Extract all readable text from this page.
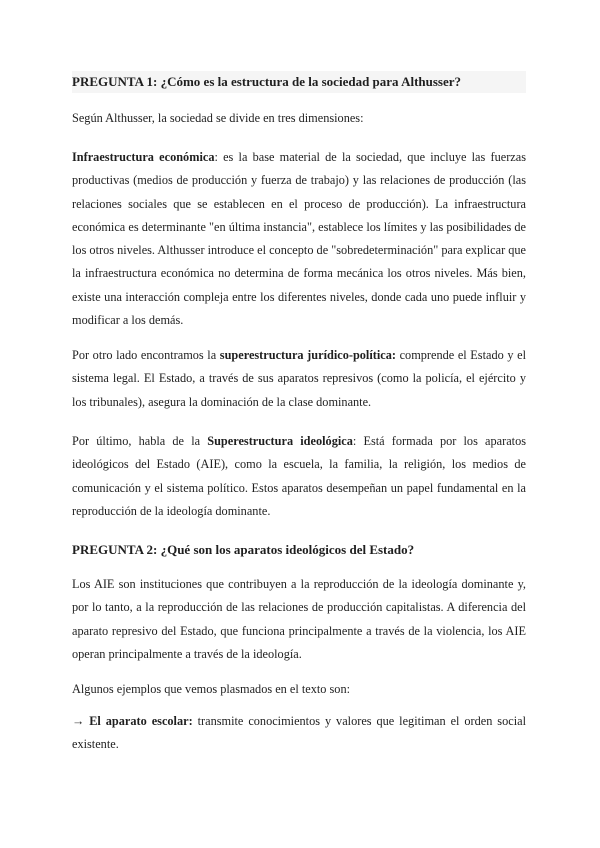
PREGUNTA 1: ¿Cómo es la estructura de la sociedad para Althusser?

Según Althusser, la sociedad se divide en tres dimensiones:

Infraestructura económica: es la base material de la sociedad, que incluye las fuerzas productivas (medios de producción y fuerza de trabajo) y las relaciones de producción (las relaciones sociales que se establecen en el proceso de producción). La infraestructura económica es determinante "en última instancia", establece los límites y las posibilidades de los otros niveles. Althusser introduce el concepto de "sobredeterminación" para explicar que la infraestructura económica no determina de forma mecánica los otros niveles. Más bien, existe una interacción compleja entre los diferentes niveles, donde cada uno puede influir y modificar a los demás.

Por otro lado encontramos la superestructura jurídico-política: comprende el Estado y el sistema legal. El Estado, a través de sus aparatos represivos (como la policía, el ejército y los tribunales), asegura la dominación de la clase dominante.

Por último, habla de la Superestructura ideológica: Está formada por los aparatos ideológicos del Estado (AIE), como la escuela, la familia, la religión, los medios de comunicación y el sistema político. Estos aparatos desempeñan un papel fundamental en la reproducción de la ideología dominante.

PREGUNTA 2: ¿Qué son los aparatos ideológicos del Estado?

Los AIE son instituciones que contribuyen a la reproducción de la ideología dominante y, por lo tanto, a la reproducción de las relaciones de producción capitalistas. A diferencia del aparato represivo del Estado, que funciona principalmente a través de la violencia, los AIE operan principalmente a través de la ideología.

Algunos ejemplos que vemos plasmados en el texto son:

→ El aparato escolar: transmite conocimientos y valores que legitiman el orden social existente.
